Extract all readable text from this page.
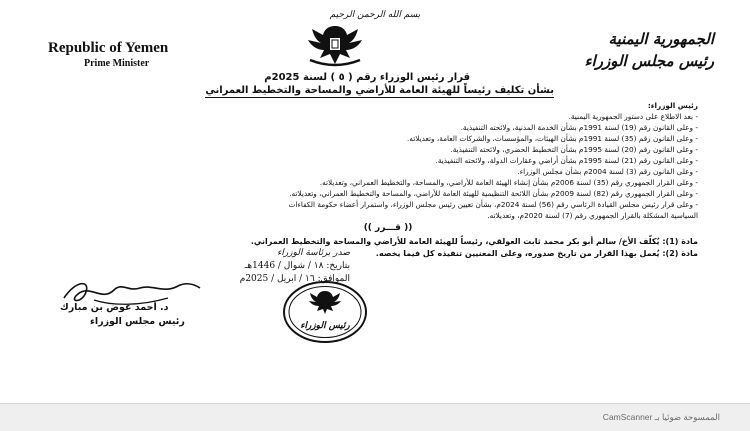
بسم الله الرحمن الرحيم
Republic of Yemen
Prime Minister
الجمهورية اليمنية
رئيس مجلس الوزراء
قرار رئيس الوزراء رقم ( ٥ ) لسنة 2025م
بشأن تكليف رئيساً للهيئة العامة للأراضي والمساحة والتخطيط العمراني
رئيس الوزراء:
- بعد الاطلاع على دستور الجمهورية اليمنية.
- وعلى القانون رقم (19) لسنة 1991م بشأن الخدمة المدنية، ولائحته التنفيذية.
- وعلى القانون رقم (35) لسنة 1991م بشأن الهيئات، والمؤسسات، والشركات العامة، وتعديلاته.
- وعلى القانون رقم (20) لسنة 1995م بشأن التخطيط الحضري، ولائحته التنفيذية.
- وعلى القانون رقم (21) لسنة 1995م بشأن أراضي وعقارات الدولة، ولائحته التنفيذية.
- وعلى القانون رقم (3) لسنة 2004م بشأن مجلس الوزراء.
- وعلى القرار الجمهوري رقم (35) لسنة 2006م بشأن إنشاء الهيئة العامة للأراضي، والمساحة، والتخطيط العمراني، وتعديلاته.
- وعلى القرار الجمهوري رقم (82) لسنة 2009م بشأن اللائحة التنظيمية للهيئة العامة للأراضي، والمساحة والتخطيط العمراني، وتعديلاته.
- وعلى قرار رئيس مجلس القيادة الرئاسي رقم (56) لسنة 2024م، بشأن تعيين رئيس مجلس الوزراء، واستمرار أعضاء حكومة الكفاءات
السياسية المشكلة بالقرار الجمهوري رقم (7) لسنة 2020م، وتعديلاته.
(( قـــرر ))
مادة (1): يُكلّف الأخ/ سالم أبو بكر محمد ثابت العولقي، رئيساً للهيئة العامة للأراضي والمساحة والتخطيط العمراني.
مادة (2): يُعمل بهذا القرار من تاريخ صدوره، وعلى المعنيين تنفيذه كل فيما يخصه.
صدر برئاسة الوزراء
بتاريخ: ١٨ / شوال / 1446هـ
الموافق: ١٦ / ابريل / 2025م
رئيس الوزراء
د. أحمد عوض بن مبارك
رئيس مجلس الوزراء
الممسوحة ضوئيا بـ CamScanner
